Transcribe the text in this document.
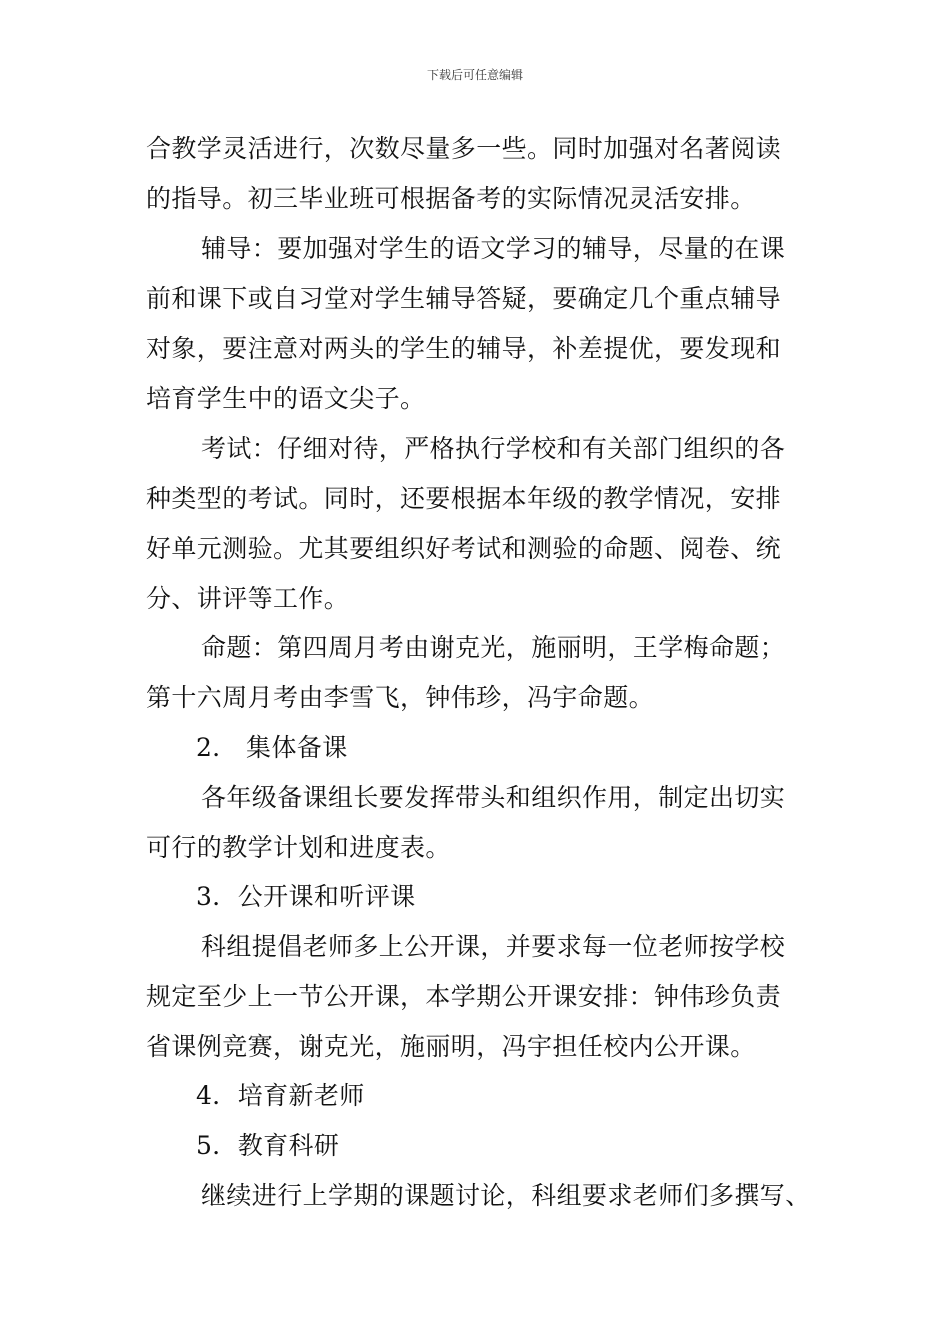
下载后可任意编辑
合教学灵活进行，次数尽量多一些。同时加强对名著阅读
的指导。初三毕业班可根据备考的实际情况灵活安排。
辅导：要加强对学生的语文学习的辅导，尽量的在课
前和课下或自习堂对学生辅导答疑，要确定几个重点辅导
对象，要注意对两头的学生的辅导，补差提优，要发现和
培育学生中的语文尖子。
考试：仔细对待，严格执行学校和有关部门组织的各
种类型的考试。同时，还要根据本年级的教学情况，安排
好单元测验。尤其要组织好考试和测验的命题、阅卷、统
分、讲评等工作。
命题：第四周月考由谢克光，施丽明，王学梅命题；
第十六周月考由李雪飞，钟伟珍，冯宇命题。
2． 集体备课
各年级备课组长要发挥带头和组织作用，制定出切实
可行的教学计划和进度表。
3．公开课和听评课
科组提倡老师多上公开课，并要求每一位老师按学校
规定至少上一节公开课，本学期公开课安排：钟伟珍负责
省课例竞赛，谢克光，施丽明，冯宇担任校内公开课。
4．培育新老师
5．教育科研
继续进行上学期的课题讨论，科组要求老师们多撰写、
